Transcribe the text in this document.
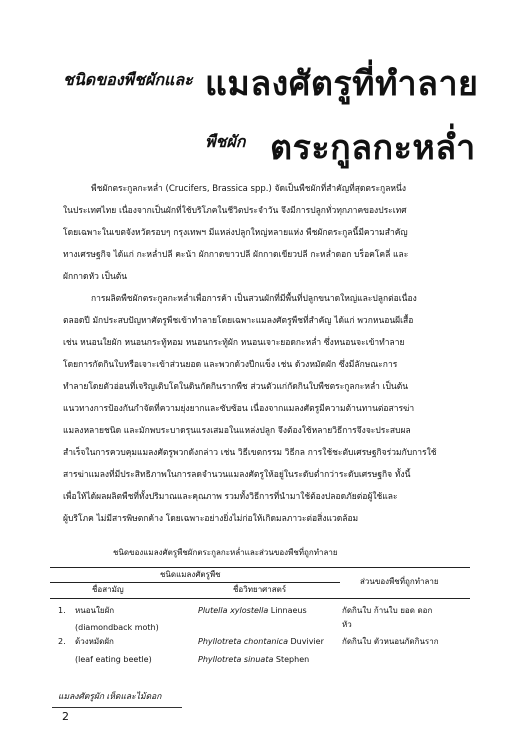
ชนิดของพืชผักและ แมลงศัตรูที่ทำลาย
พืชผัก ตระกูลกะหล่ำ
พืชผักตระกูลกะหล่ำ (Crucifers, Brassica spp.) จัดเป็นพืชผักที่สำคัญที่สุดตระกูลหนึ่ง
ในประเทศไทย เนื่องจากเป็นผักที่ใช้บริโภคในชีวิตประจำวัน จึงมีการปลูกทั่วทุกภาคของประเทศ
โดยเฉพาะในเขตจังหวัดรอบๆ กรุงเทพฯ มีแหล่งปลูกใหญ่หลายแห่ง พืชผักตระกูลนี้มีความสำคัญ
ทางเศรษฐกิจ ได้แก่ กะหล่ำปลี คะน้า ผักกาดขาวปลี ผักกาดเขียวปลี กะหล่ำดอก บร็อคโคลี่ และ
ผักกาดหัว เป็นต้น
การผลิตพืชผักตระกูลกะหล่ำเพื่อการค้า เป็นสวนผักที่มีพื้นที่ปลูกขนาดใหญ่และปลูกต่อเนื่อง
ตลอดปี มักประสบปัญหาศัตรูพืชเข้าทำลายโดยเฉพาะแมลงศัตรูพืชที่สำคัญ ได้แก่ พวกหนอนผีเสื้อ
เช่น หนอนใยผัก หนอนกระทู้หอม หนอนกระทู้ผัก หนอนเจาะยอดกะหล่ำ ซึ่งหนอนจะเข้าทำลาย
โดยการกัดกินใบหรือเจาะเข้าส่วนยอด และพวกด้วงปีกแข็ง เช่น ด้วงหมัดผัก ซึ่งมีลักษณะการ
ทำลายโดยตัวอ่อนที่เจริญเติบโตในดินกัดกินรากพืช ส่วนตัวแก่กัดกินใบพืชตระกูลกะหล่ำ เป็นต้น
แนวทางการป้องกันกำจัดที่ความยุ่งยากและซับซ้อน เนื่องจากแมลงศัตรูมีความต้านทานต่อสารฆ่า
แมลงหลายชนิด และมักพบระบาดรุนแรงเสมอในแหล่งปลูก จึงต้องใช้หลายวิธีการจึงจะประสบผล
สำเร็จในการควบคุมแมลงศัตรูพวกดังกล่าว เช่น วิธีเขตกรรม วิธีกล การใช้ชะตับเศรษฐกิจร่วมกับการใช้
สารฆ่าแมลงที่มีประสิทธิภาพในการลดจำนวนแมลงศัตรูให้อยู่ในระดับต่ำกว่าระดับเศรษฐกิจ ทั้งนี้
เพื่อให้ได้ผลผลิตพืชที่ทั้งปริมาณและคุณภาพ รวมทั้งวิธีการที่นำมาใช้ต้องปลอดภัยต่อผู้ใช้และ
ผู้บริโภค ไม่มีสารพิษตกค้าง โดยเฉพาะอย่างยิ่งไม่ก่อให้เกิดมลภาวะต่อสิ่งแวดล้อม
ชนิดของแมลงศัตรูพืชผักตระกูลกะหล่ำและส่วนของพืชที่ถูกทำลาย
ชนิดแมลงศัตรูพืช
ชื่อสามัญ	ชื่อวิทยาศาสตร์
ส่วนของพืชที่ถูกทำลาย
1. หนอนใยผัก
(diamondback moth)
Plutella xylostella Linnaeus	กัดกินใบ ก้านใบ ยอด ดอก
หัว
2. ด้วงหมัดผัก
(leaf eating beetle)
Phyllotreta chontanica Duvivier
Phyllotreta sinuata Stephen
กัดกินใบ ตัวหนอนกัดกินราก
แมลงศัตรูผัก เห็ดและไม้ดอก
2
